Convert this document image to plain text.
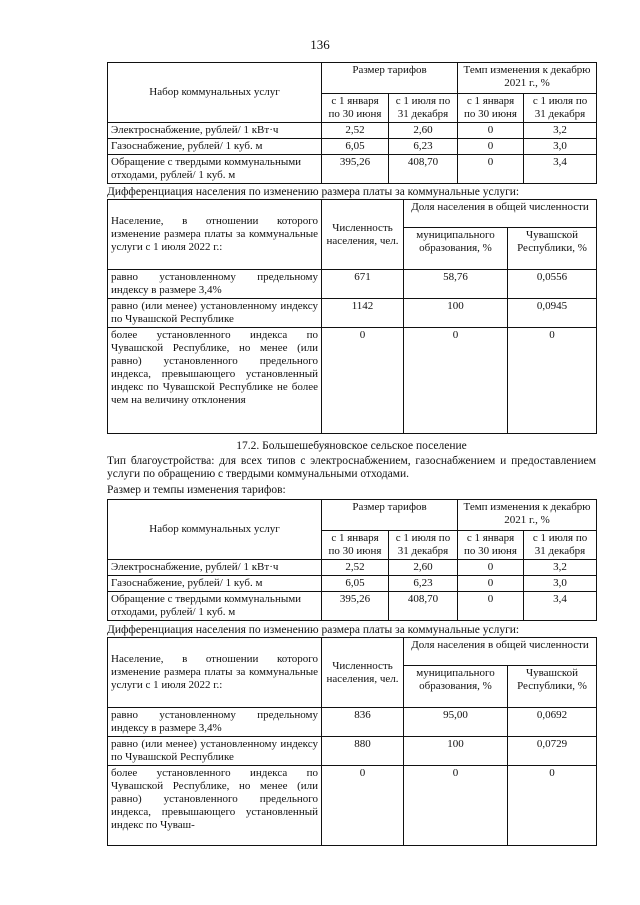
136
Набор коммунальных услуг	Размер тарифов		Темп изменения к декабрю 2021 г., %	
	с 1 января по 30 июня	с 1 июля по 31 декабря	с 1 января по 30 июня	с 1 июля по 31 декабря
Электроснабжение, рублей/ 1 кВт·ч	2,52	2,60	0	3,2
Газоснабжение, рублей/ 1 куб. м	6,05	6,23	0	3,0
Обращение с твердыми коммунальными отходами, рублей/ 1 куб. м	395,26	408,70	0	3,4
Дифференциация населения по изменению размера платы за коммунальные услуги:
Население, в отношении которого изменение размера платы за коммунальные услуги с 1 июля 2022 г.:	Численность населения, чел.	Доля населения в общей численности	
		муниципального образования, %	Чувашской Республики, %
равно установленному предельному индексу в размере 3,4%	671	58,76	0,0556
равно (или менее) установленному индексу по Чувашской Республике	1142	100	0,0945
более установленного индекса по Чувашской Республике, но менее (или равно) установленного предельного индекса, превышающего установленный индекс по Чувашской Республике не более чем на величину отклонения	0	0	0
17.2. Большешебуяновское сельское поселение
Тип благоустройства: для всех типов с электроснабжением, газоснабжением и предоставлением услуги по обращению с твердыми коммунальными отходами.
Размер и темпы изменения тарифов:
Набор коммунальных услуг	Размер тарифов		Темп изменения к декабрю 2021 г., %	
	с 1 января по 30 июня	с 1 июля по 31 декабря	с 1 января по 30 июня	с 1 июля по 31 декабря
Электроснабжение, рублей/ 1 кВт·ч	2,52	2,60	0	3,2
Газоснабжение, рублей/ 1 куб. м	6,05	6,23	0	3,0
Обращение с твердыми коммунальными отходами, рублей/ 1 куб. м	395,26	408,70	0	3,4
Дифференциация населения по изменению размера платы за коммунальные услуги:
Население, в отношении которого изменение размера платы за коммунальные услуги с 1 июля 2022 г.:	Численность населения, чел.	Доля населения в общей численности	
		муниципального образования, %	Чувашской Республики, %
равно установленному предельному индексу в размере 3,4%	836	95,00	0,0692
равно (или менее) установленному индексу по Чувашской Республике	880	100	0,0729
более установленного индекса по Чувашской Республике, но менее (или равно) установленного предельного индекса, превышающего установленный индекс по Чуваш-	0	0	0
